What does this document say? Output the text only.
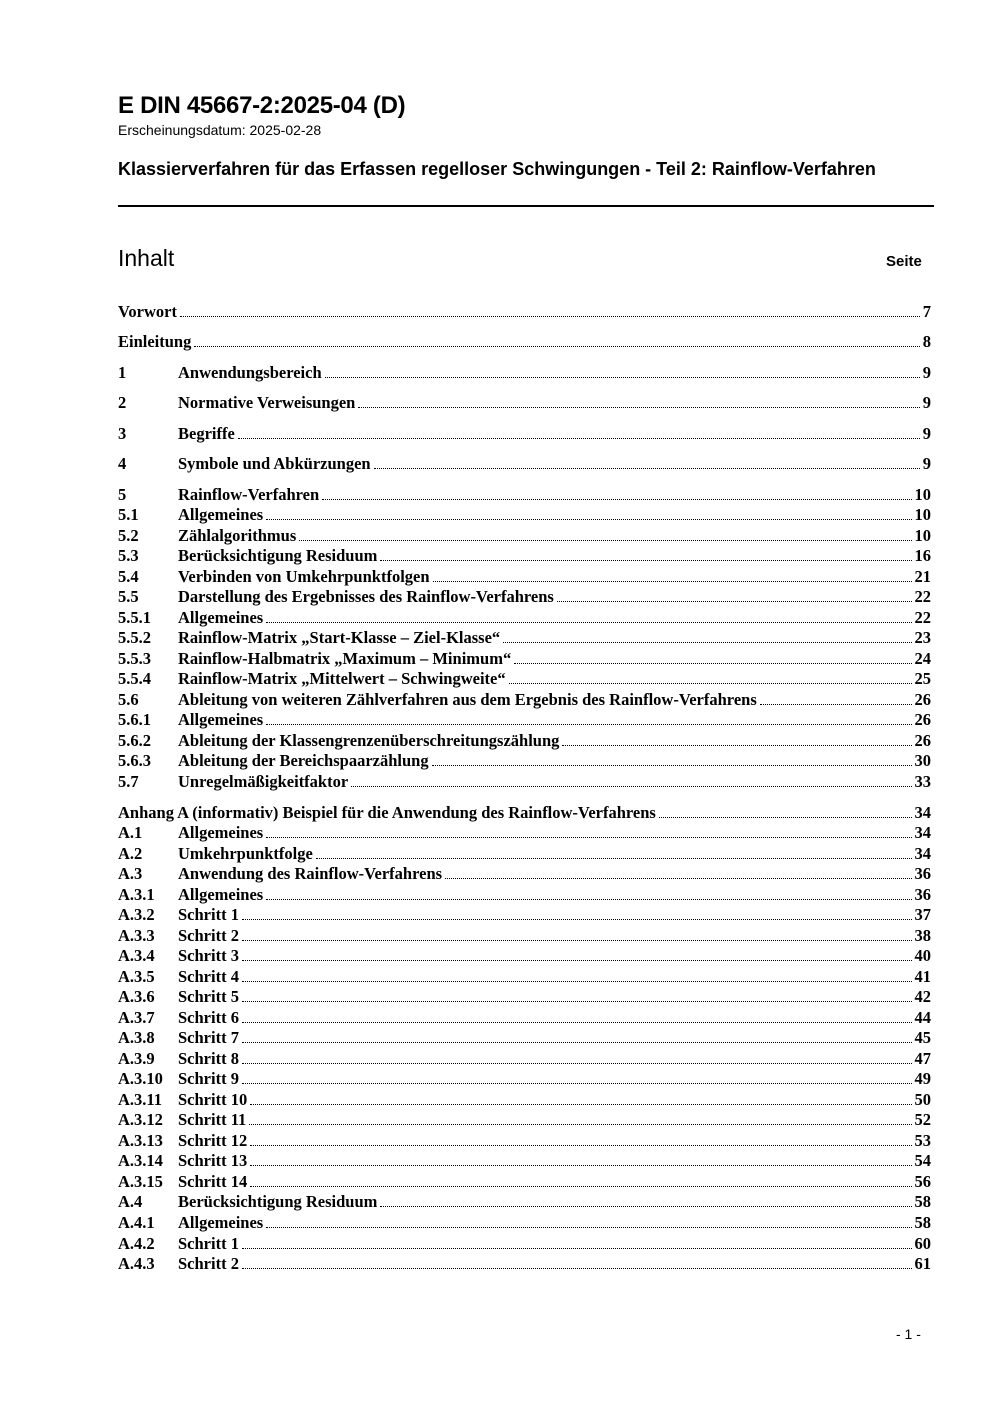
E DIN 45667-2:2025-04 (D)
Erscheinungsdatum: 2025-02-28
Klassierverfahren für das Erfassen regelloser Schwingungen - Teil 2: Rainflow-Verfahren
Inhalt	Seite
Vorwort	7
Einleitung	8
1	Anwendungsbereich	9
2	Normative Verweisungen	9
3	Begriffe	9
4	Symbole und Abkürzungen	9
5	Rainflow-Verfahren	10
5.1	Allgemeines	10
5.2	Zählalgorithmus	10
5.3	Berücksichtigung Residuum	16
5.4	Verbinden von Umkehrpunktfolgen	21
5.5	Darstellung des Ergebnisses des Rainflow-Verfahrens	22
5.5.1	Allgemeines	22
5.5.2	Rainflow-Matrix „Start-Klasse – Ziel-Klasse“	23
5.5.3	Rainflow-Halbmatrix „Maximum – Minimum“	24
5.5.4	Rainflow-Matrix „Mittelwert – Schwingweite“	25
5.6	Ableitung von weiteren Zählverfahren aus dem Ergebnis des Rainflow-Verfahrens	26
5.6.1	Allgemeines	26
5.6.2	Ableitung der Klassengrenzenüberschreitungszählung	26
5.6.3	Ableitung der Bereichspaarzählung	30
5.7	Unregelmäßigkeitfaktor	33
Anhang A (informativ) Beispiel für die Anwendung des Rainflow-Verfahrens	34
A.1	Allgemeines	34
A.2	Umkehrpunktfolge	34
A.3	Anwendung des Rainflow-Verfahrens	36
A.3.1	Allgemeines	36
A.3.2	Schritt 1	37
A.3.3	Schritt 2	38
A.3.4	Schritt 3	40
A.3.5	Schritt 4	41
A.3.6	Schritt 5	42
A.3.7	Schritt 6	44
A.3.8	Schritt 7	45
A.3.9	Schritt 8	47
A.3.10 Schritt 9	49
A.3.11 Schritt 10	50
A.3.12 Schritt 11	52
A.3.13 Schritt 12	53
A.3.14 Schritt 13	54
A.3.15 Schritt 14	56
A.4	Berücksichtigung Residuum	58
A.4.1	Allgemeines	58
A.4.2	Schritt 1	60
A.4.3	Schritt 2	61
- 1 -
